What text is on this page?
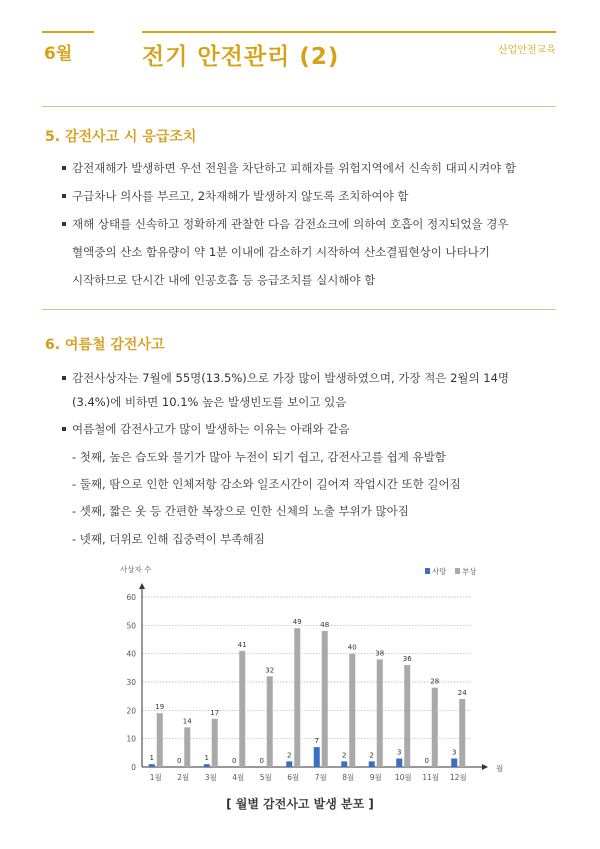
6월	전기 안전관리 (2)	산업안전교육
5. 감전사고 시 응급조치
감전재해가 발생하면 우선 전원을 차단하고 피해자를 위험지역에서 신속히 대피시켜야 함
구급차나 의사를 부르고, 2차재해가 발생하지 않도록 조치하여야 함
재해 상태를 신속하고 정확하게 관찰한 다음 감전쇼크에 의하여 호흡이 정지되었을 경우
혈액중의 산소 함유량이 약 1분 이내에 감소하기 시작하여 산소결핍현상이 나타나기
시작하므로 단시간 내에 인공호흡 등 응급조치를 실시해야 함
6. 여름철 감전사고
감전사상자는 7월에 55명(13.5%)으로 가장 많이 발생하였으며, 가장 적은 2월의 14명
(3.4%)에 비하면 10.1% 높은 발생빈도를 보이고 있음
여름철에 감전사고가 많이 발생하는 이유는 아래와 같음
- 첫째, 높은 습도와 물기가 많아 누전이 되기 쉽고, 감전사고를 쉽게 유발함
- 둘째, 땀으로 인한 인체저항 감소와 일조시간이 길어져 작업시간 또한 길어짐
- 셋째, 짧은 옷 등 간편한 복장으로 인한 신체의 노출 부위가 많아짐
- 넷째, 더위로 인해 집중력이 부족해짐
사상자 수
0
10
20
30
40
50
60
월
사망 부상
1월
1
19
2월
0
14
3월
1
17
4월
0
41
5월
0
32
6월
2
49
7월
7
48
8월
2
40
9월
2
38
10월
3
36
11월
0
28
12월
3
24
[ 월별 감전사고 발생 분포 ]
